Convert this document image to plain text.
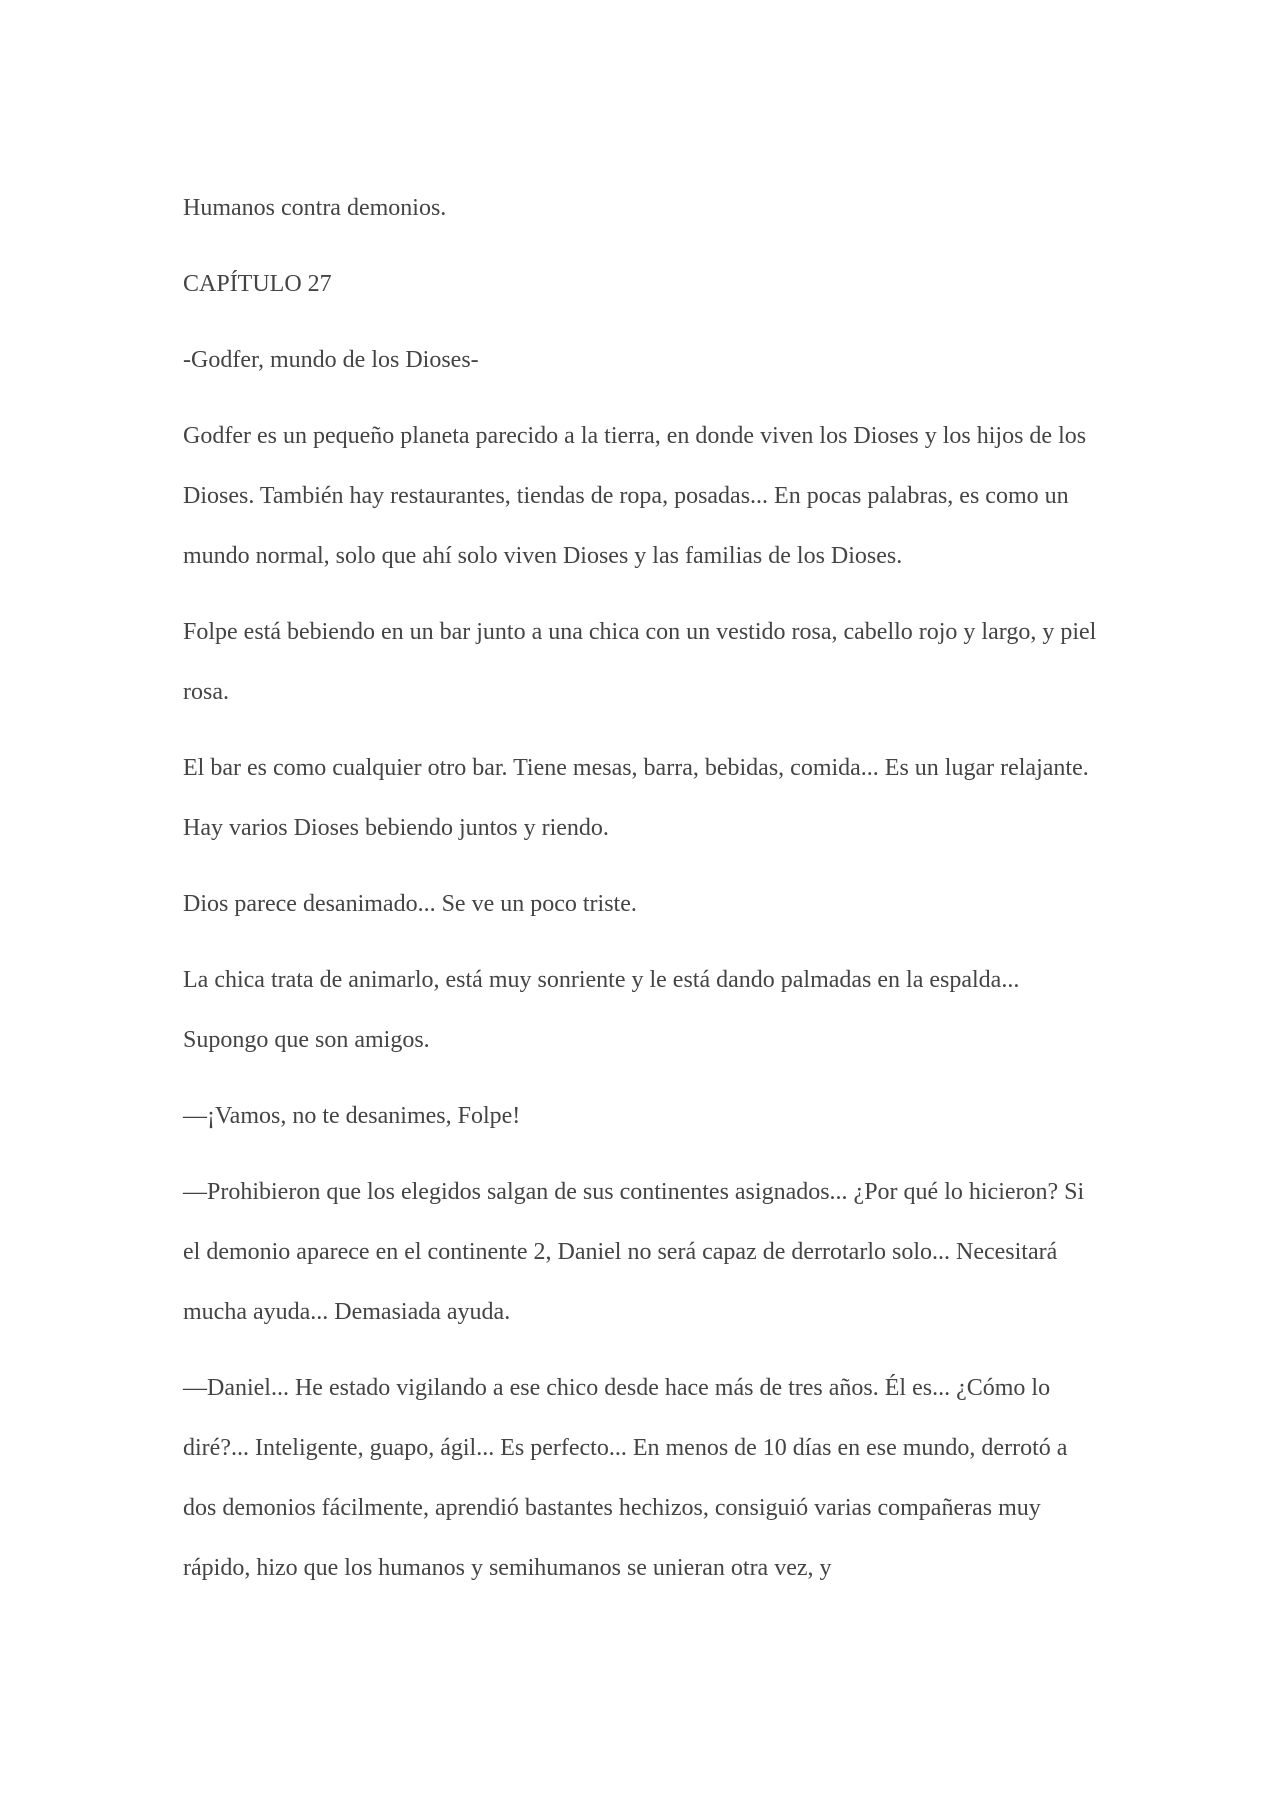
Humanos contra demonios.

CAPÍTULO 27

-Godfer, mundo de los Dioses-

Godfer es un pequeño planeta parecido a la tierra, en donde viven los Dioses y los hijos de los Dioses. También hay restaurantes, tiendas de ropa, posadas... En pocas palabras, es como un mundo normal, solo que ahí solo viven Dioses y las familias de los Dioses.

Folpe está bebiendo en un bar junto a una chica con un vestido rosa, cabello rojo y largo, y piel rosa.

El bar es como cualquier otro bar. Tiene mesas, barra, bebidas, comida... Es un lugar relajante. Hay varios Dioses bebiendo juntos y riendo.

Dios parece desanimado... Se ve un poco triste.

La chica trata de animarlo, está muy sonriente y le está dando palmadas en la espalda... Supongo que son amigos.

—¡Vamos, no te desanimes, Folpe!

—Prohibieron que los elegidos salgan de sus continentes asignados... ¿Por qué lo hicieron? Si el demonio aparece en el continente 2, Daniel no será capaz de derrotarlo solo... Necesitará mucha ayuda... Demasiada ayuda.

—Daniel... He estado vigilando a ese chico desde hace más de tres años. Él es... ¿Cómo lo diré?... Inteligente, guapo, ágil... Es perfecto... En menos de 10 días en ese mundo, derrotó a dos demonios fácilmente, aprendió bastantes hechizos, consiguió varias compañeras muy rápido, hizo que los humanos y semihumanos se unieran otra vez, y
